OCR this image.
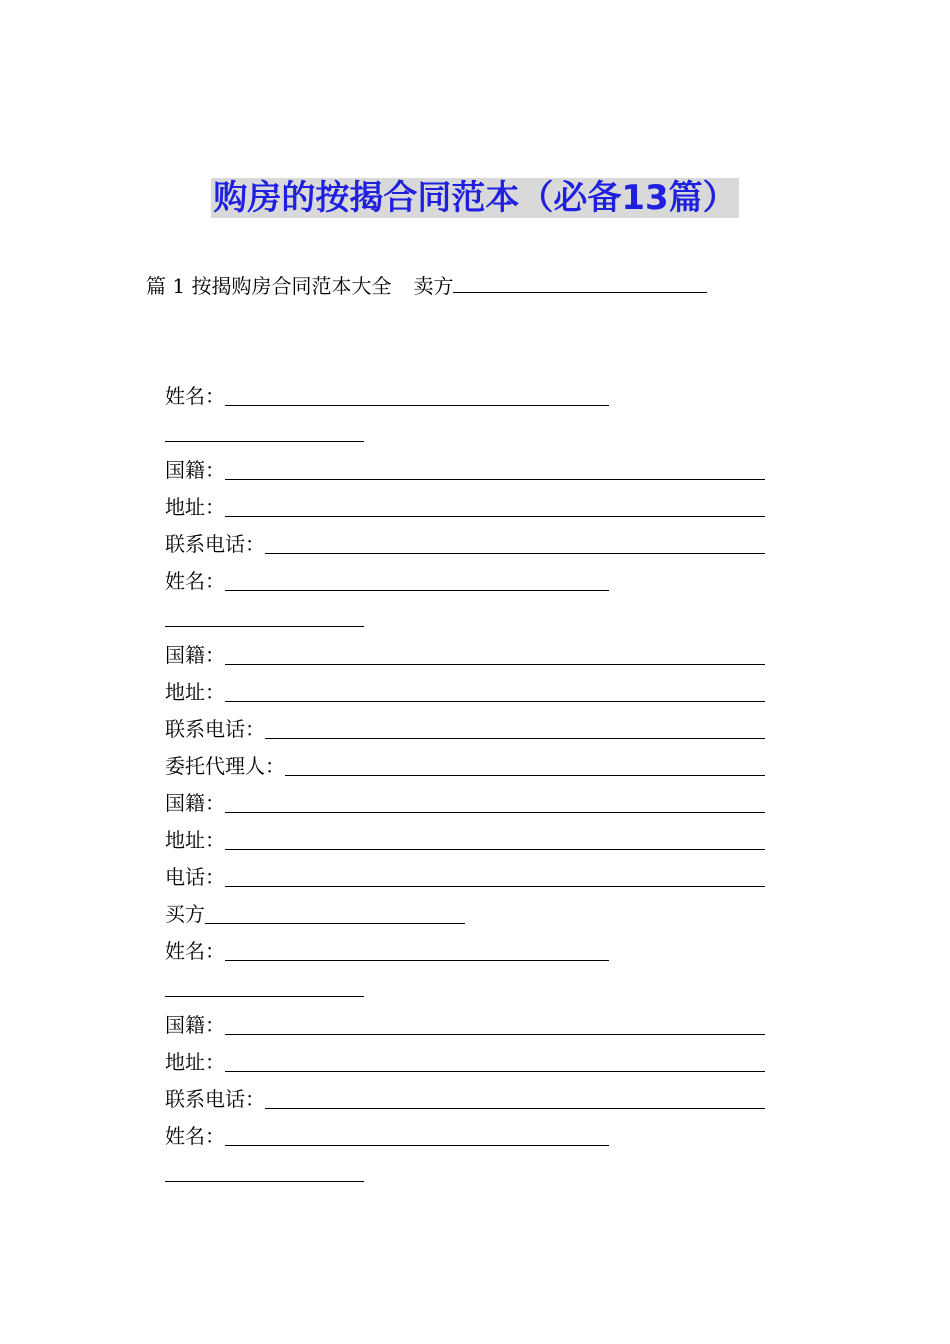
购房的按揭合同范本（必备13篇）
篇 1 按揭购房合同范本大全 卖方
姓名：
国籍：
地址：
联系电话：
姓名：
国籍：
地址：
联系电话：
委托代理人：
国籍：
地址：
电话：
买方
姓名：
国籍：
地址：
联系电话：
姓名：
